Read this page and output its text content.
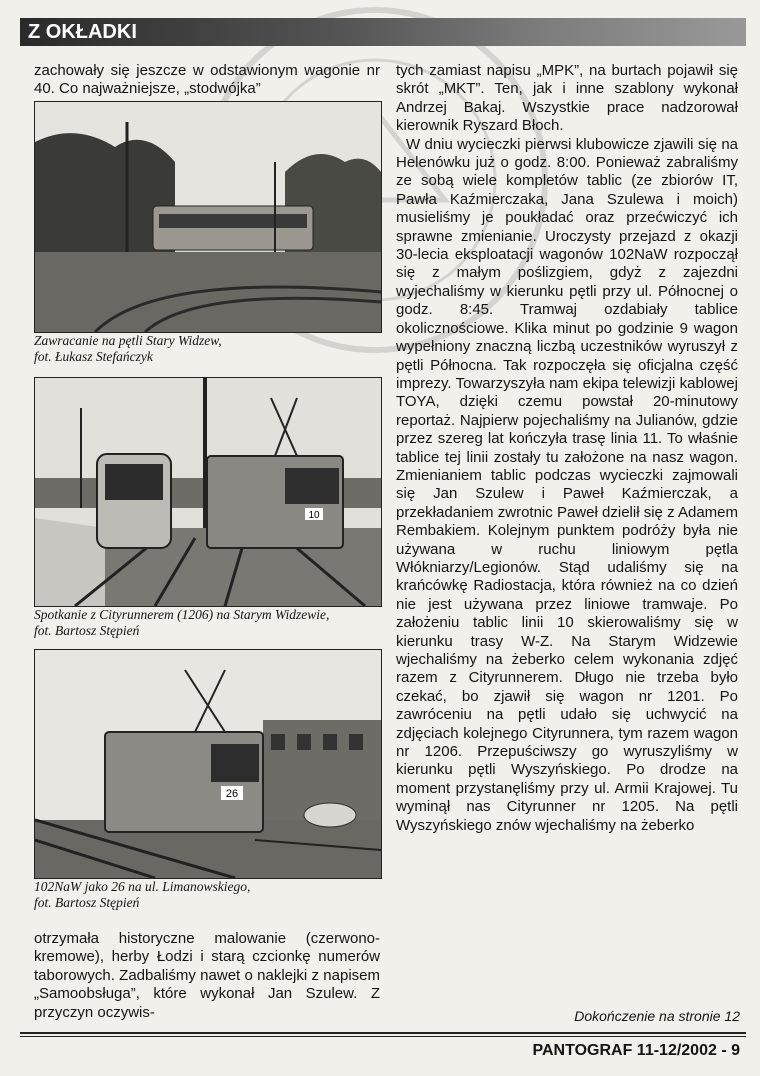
Z OKŁADKI

zachowały się jeszcze w odstawionym wagonie nr 40. Co najważniejsze, „stodwójka”

Zawracanie na pętli Stary Widzew,
fot. Łukasz Stefańczyk
10
Spotkanie z Cityrunnerem (1206) na Starym Widzewie,
fot. Bartosz Stępień
26
102NaW jako 26 na ul. Limanowskiego,
fot. Bartosz Stępień

otrzymała historyczne malowanie (czerwono-kremowe), herby Łodzi i starą czcionkę numerów taborowych. Zadbaliśmy nawet o naklejki z napisem „Samoobsługa”, które wykonał Jan Szulew. Z przyczyn oczywis-

tych zamiast napisu „MPK”, na burtach pojawił się skrót „MKT”. Ten, jak i inne szablony wykonał Andrzej Bakaj. Wszystkie prace nadzorował kierownik Ryszard Błoch.

W dniu wycieczki pierwsi klubowicze zjawili się na Helenówku już o godz. 8:00. Ponieważ zabraliśmy ze sobą wiele kompletów tablic (ze zbiorów IT, Pawła Kaźmierczaka, Jana Szulewa i moich) musieliśmy je poukładać oraz przećwiczyć ich sprawne zmienianie. Uroczysty przejazd z okazji 30-lecia eksploatacji wagonów 102NaW rozpoczął się z małym poślizgiem, gdyż z zajezdni wyjechaliśmy w kierunku pętli przy ul. Północnej o godz. 8:45. Tramwaj ozdabiały tablice okolicznościowe. Klika minut po godzinie 9 wagon wypełniony znaczną liczbą uczestników wyruszył z pętli Północna. Tak rozpoczęła się oficjalna część imprezy. Towarzyszyła nam ekipa telewizji kablowej TOYA, dzięki czemu powstał 20-minutowy reportaż. Najpierw pojechaliśmy na Julianów, gdzie przez szereg lat kończyła trasę linia 11. To właśnie tablice tej linii zostały tu założone na nasz wagon. Zmienianiem tablic podczas wycieczki zajmowali się Jan Szulew i Paweł Kaźmierczak, a przekładaniem zwrotnic Paweł dzielił się z Adamem Rembakiem. Kolejnym punktem podróży była nie używana w ruchu liniowym pętla Włókniarzy/Legionów. Stąd udaliśmy się na krańcówkę Radiostacja, która również na co dzień nie jest używana przez liniowe tramwaje. Po założeniu tablic linii 10 skierowaliśmy się w kierunku trasy W-Z. Na Starym Widzewie wjechaliśmy na żeberko celem wykonania zdjęć razem z Cityrunnerem. Długo nie trzeba było czekać, bo zjawił się wagon nr 1201. Po zawróceniu na pętli udało się uchwycić na zdjęciach kolejnego Cityrunnera, tym razem wagon nr 1206. Przepuściwszy go wyruszyliśmy w kierunku pętli Wyszyńskiego. Po drodze na moment przystanęliśmy przy ul. Armii Krajowej. Tu wyminął nas Cityrunner nr 1205. Na pętli Wyszyńskiego znów wjechaliśmy na żeberko

Dokończenie na stronie 12
PANTOGRAF 11-12/2002 - 9
